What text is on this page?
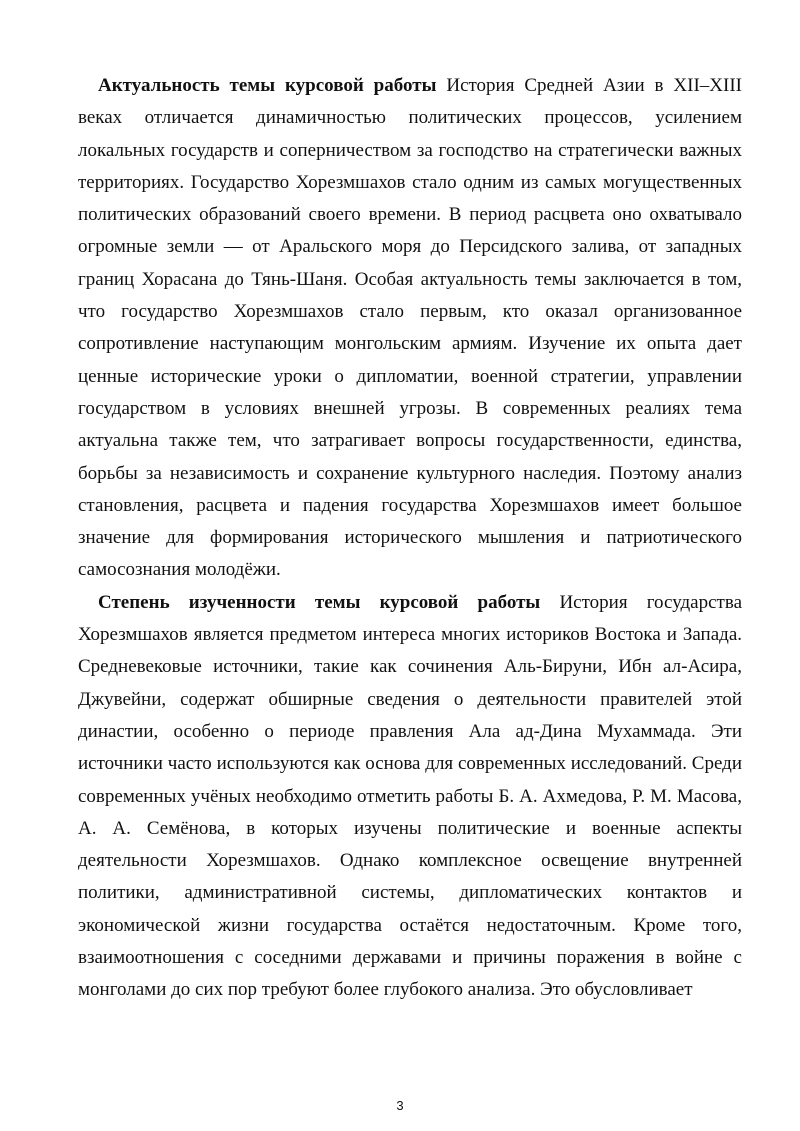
Актуальность темы курсовой работы История Средней Азии в XII–XIII веках отличается динамичностью политических процессов, усилением локальных государств и соперничеством за господство на стратегически важных территориях. Государство Хорезмшахов стало одним из самых могущественных политических образований своего времени. В период расцвета оно охватывало огромные земли — от Аральского моря до Персидского залива, от западных границ Хорасана до Тянь-Шаня. Особая актуальность темы заключается в том, что государство Хорезмшахов стало первым, кто оказал организованное сопротивление наступающим монгольским армиям. Изучение их опыта дает ценные исторические уроки о дипломатии, военной стратегии, управлении государством в условиях внешней угрозы. В современных реалиях тема актуальна также тем, что затрагивает вопросы государственности, единства, борьбы за независимость и сохранение культурного наследия. Поэтому анализ становления, расцвета и падения государства Хорезмшахов имеет большое значение для формирования исторического мышления и патриотического самосознания молодёжи.

Степень изученности темы курсовой работы История государства Хорезмшахов является предметом интереса многих историков Востока и Запада. Средневековые источники, такие как сочинения Аль-Бируни, Ибн ал-Асира, Джувейни, содержат обширные сведения о деятельности правителей этой династии, особенно о периоде правления Ала ад-Дина Мухаммада. Эти источники часто используются как основа для современных исследований. Среди современных учёных необходимо отметить работы Б. А. Ахмедова, Р. М. Масова, А. А. Семёнова, в которых изучены политические и военные аспекты деятельности Хорезмшахов. Однако комплексное освещение внутренней политики, административной системы, дипломатических контактов и экономической жизни государства остаётся недостаточным. Кроме того, взаимоотношения с соседними державами и причины поражения в войне с монголами до сих пор требуют более глубокого анализа. Это обусловливает

3
